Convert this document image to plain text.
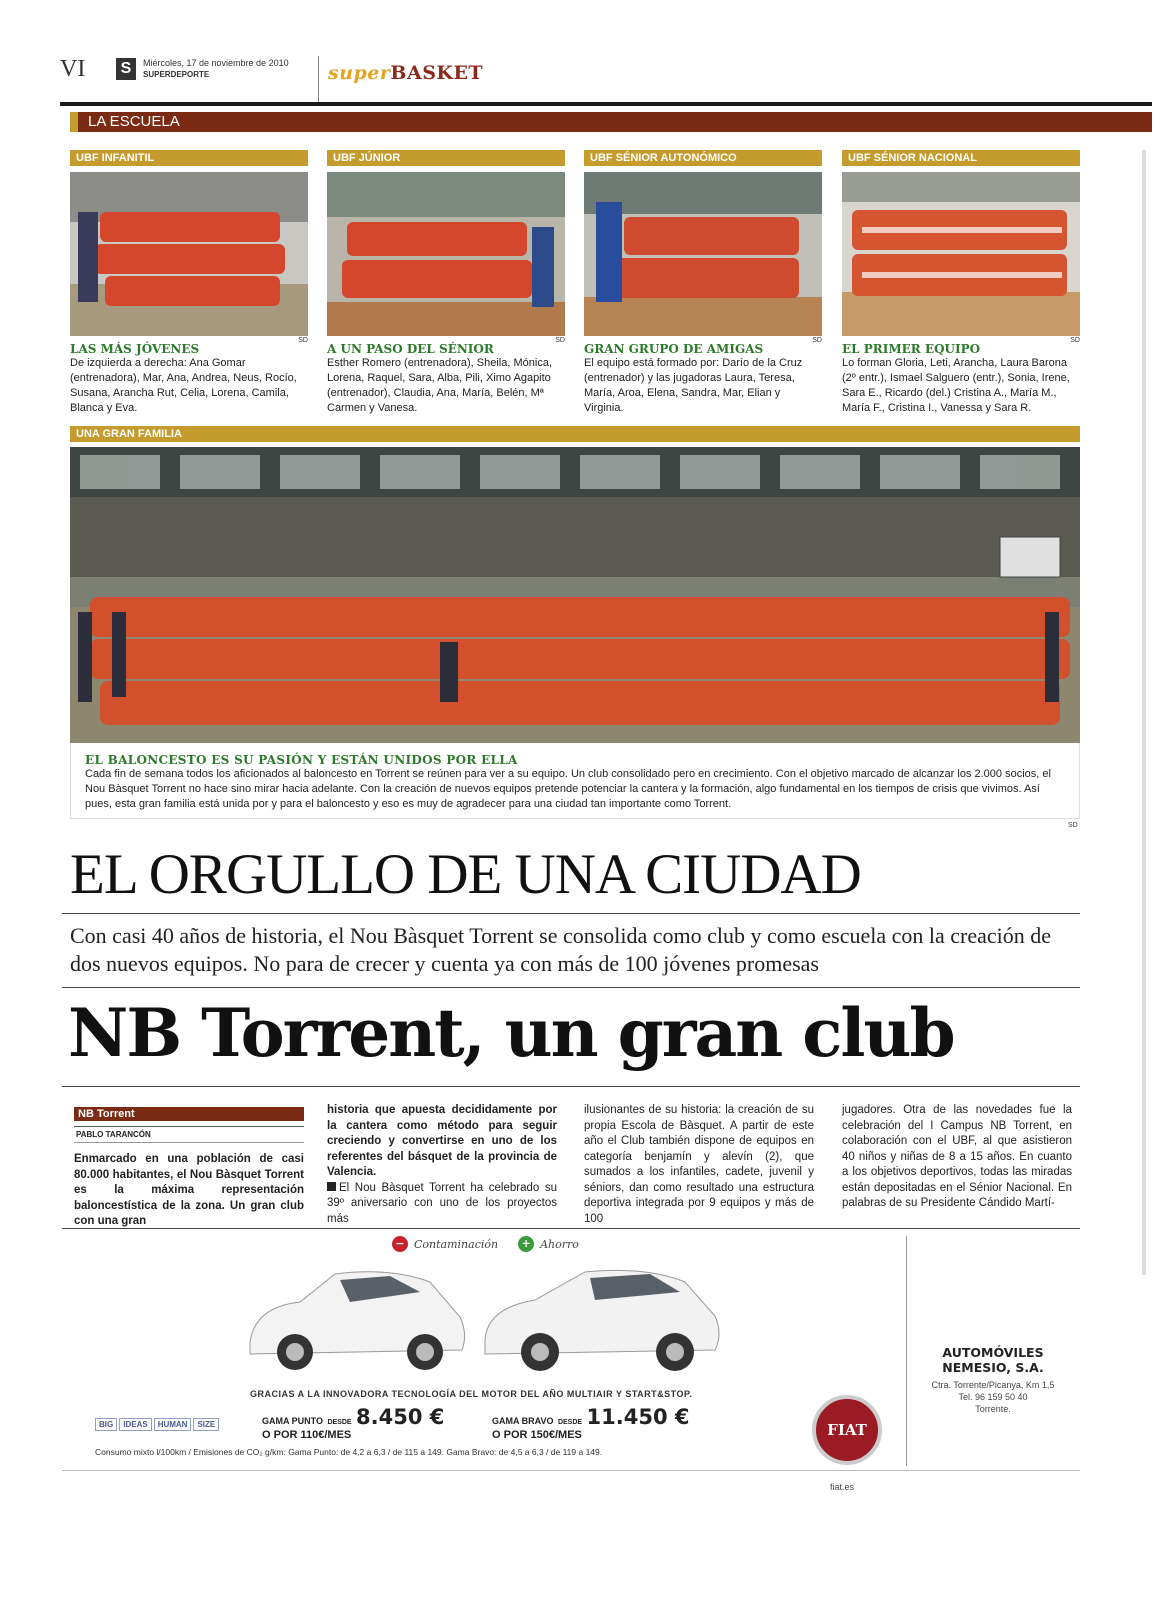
VI S	Miércoles, 17 de noviembre de 2010
SUPERDEPORTE	superBASKET
LA ESCUELA
UBF INFANITIL
LAS MÁS JÓVENES
SD
De izquierda a derecha: Ana Gomar (entrenadora), Mar, Ana, Andrea, Neus, Rocío, Susana, Arancha Rut, Celia, Lorena, Camila, Blanca y Eva.
UBF JÚNIOR
A UN PASO DEL SÉNIOR
SD
Esther Romero (entrenadora), Sheila, Mónica, Lorena, Raquel, Sara, Alba, Pili, Ximo Agapito (entrenador), Claudia, Ana, María, Belén, Mª Carmen y Vanesa.
UBF SÉNIOR AUTONÓMICO
GRAN GRUPO DE AMIGAS
SD
El equipo está formado por: Darío de la Cruz (entrenador) y las jugadoras Laura, Teresa, María, Aroa, Elena, Sandra, Mar, Elian y Virginia.
UBF SÉNIOR NACIONAL
EL PRIMER EQUIPO
SD
Lo forman Gloria, Leti, Arancha, Laura Barona (2º entr.), Ismael Salguero (entr.), Sonia, Irene, Sara E., Ricardo (del.) Cristina A., María M., María F., Cristina I., Vanessa y Sara R.
UNA GRAN FAMILIA
EL BALONCESTO ES SU PASIÓN Y ESTÁN UNIDOS POR ELLA
Cada fin de semana todos los aficionados al baloncesto en Torrent se reúnen para ver a su equipo. Un club consolidado pero en crecimiento. Con el objetivo marcado de alcanzar los 2.000 socios, el Nou Bàsquet Torrent no hace sino mirar hacia adelante. Con la creación de nuevos equipos pretende potenciar la cantera y la formación, algo fundamental en los tiempos de crisis que vivimos. Así pues, esta gran familia está unida por y para el baloncesto y eso es muy de agradecer para una ciudad tan importante como Torrent.
SD
EL ORGULLO DE UNA CIUDAD
Con casi 40 años de historia, el Nou Bàsquet Torrent se consolida como club y como escuela con la creación de dos nuevos equipos. No para de crecer y cuenta ya con más de 100 jóvenes promesas
NB Torrent, un gran club
NB Torrent
PABLO TARANCÓN
Enmarcado en una población de casi 80.000 habitantes, el Nou Bàsquet Torrent es la máxima representación baloncestística de la zona. Un gran club con una gran

historia que apuesta decididamente por la cantera como método para seguir creciendo y convertirse en uno de los referentes del básquet de la provincia de Valencia.

El Nou Bàsquet Torrent ha celebrado su 39º aniversario con uno de los proyectos más

ilusionantes de su historia: la creación de su propia Escola de Bàsquet. A partir de este año el Club también dispone de equipos en categoría benjamín y alevín (2), que sumados a los infantiles, cadete, juvenil y séniors, dan como resultado una estructura deportiva integrada por 9 equipos y más de 100
jugadores. Otra de las novedades fue la celebración del I Campus NB Torrent, en colaboración con el UBF, al que asistieron 40 niños y niñas de 8 a 15 años. En cuanto a los objetivos deportivos, todas las miradas están depositadas en el Sénior Nacional. En palabras de su Presidente Cándido Martí-
− Contaminación	+ Ahorro
GRACIAS A LA INNOVADORA TECNOLOGÍA DEL MOTOR DEL AÑO MULTIAIR Y START&STOP.
BIG	IDEAS	HUMAN	SIZE	GAMA PUNTO DESDE 8.450 €
O POR 110€/MES
GAMA BRAVO DESDE 11.450 €
O POR 150€/MES
Consumo mixto l/100km / Emisiones de CO₂ g/km: Gama Punto: de 4,2 a 6,3 / de 115 a 149. Gama Bravo: de 4,5 a 6,3 / de 119 a 149.
FIAT
fiat.es
AUTOMÓVILES NEMESIO, S.A.
Ctra. Torrente/Picanya, Km 1,5
Tel. 96 159 50 40
Torrente.
